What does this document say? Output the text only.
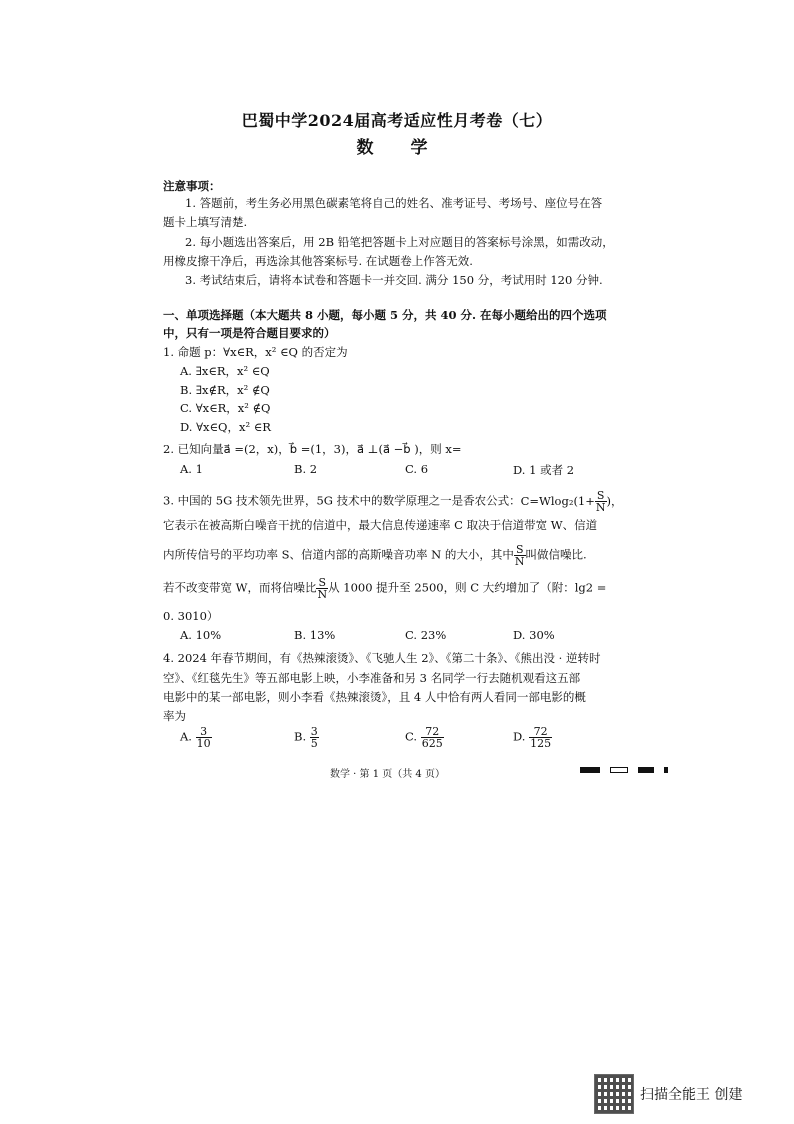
巴蜀中学2024届高考适应性月考卷（七）
数　学
注意事项：
1. 答题前，考生务必用黑色碳素笔将自己的姓名、准考证号、考场号、座位号在答
题卡上填写清楚.
2. 每小题选出答案后，用 2B 铅笔把答题卡上对应题目的答案标号涂黑，如需改动，
用橡皮擦干净后，再选涂其他答案标号. 在试题卷上作答无效.
3. 考试结束后，请将本试卷和答题卡一并交回. 满分 150 分，考试用时 120 分钟.
一、单项选择题（本大题共 8 小题，每小题 5 分，共 40 分. 在每小题给出的四个选项
中，只有一项是符合题目要求的）
1. 命题 p：∀x∈R，x² ∈Q 的否定为
A. ∃x∈R，x² ∈Q
B. ∃x∉R，x² ∉Q
C. ∀x∈R，x² ∉Q
D. ∀x∈Q，x² ∈R
2. 已知向量a⃗ =(2，x)，b⃗ =(1，3)，a⃗ ⊥(a⃗ −b⃗ )，则 x=
A. 1	B. 2	C. 6	D. 1 或者 2
3. 中国的 5G 技术领先世界，5G 技术中的数学原理之一是香农公式：$C=Wlog_2(1+ \frac{S}{N}$ )，
它表示在被高斯白噪音干扰的信道中，最大信息传递速率 C 取决于信道带宽 W、信道
内所传信号的平均功率 S、信道内部的高斯噪音功率 N 的大小，其中 $\frac{S}{N}$ 叫做信噪比.
若不改变带宽 W，而将信噪比 $\frac{S}{N}$ 从 1000 提升至 2500，则 C 大约增加了（附：lg2 =
0. 3010）
A. 10%	B. 13%	C. 23%	D. 30%
4. 2024 年春节期间，有《热辣滚烫》、《飞驰人生 2》、《第二十条》、《熊出没 · 逆转时
空》、《红毯先生》等五部电影上映，小李准备和另 3 名同学一行去随机观看这五部
电影中的某一部电影，则小李看《热辣滚烫》，且 4 人中恰有两人看同一部电影的概
率为
A. $\frac{3}{10}$	B. $\frac{3}{5}$	C. $\frac{72}{625}$	D. $\frac{72}{125}$
数学 · 第 1 页（共 4 页）
扫描全能王 创建
